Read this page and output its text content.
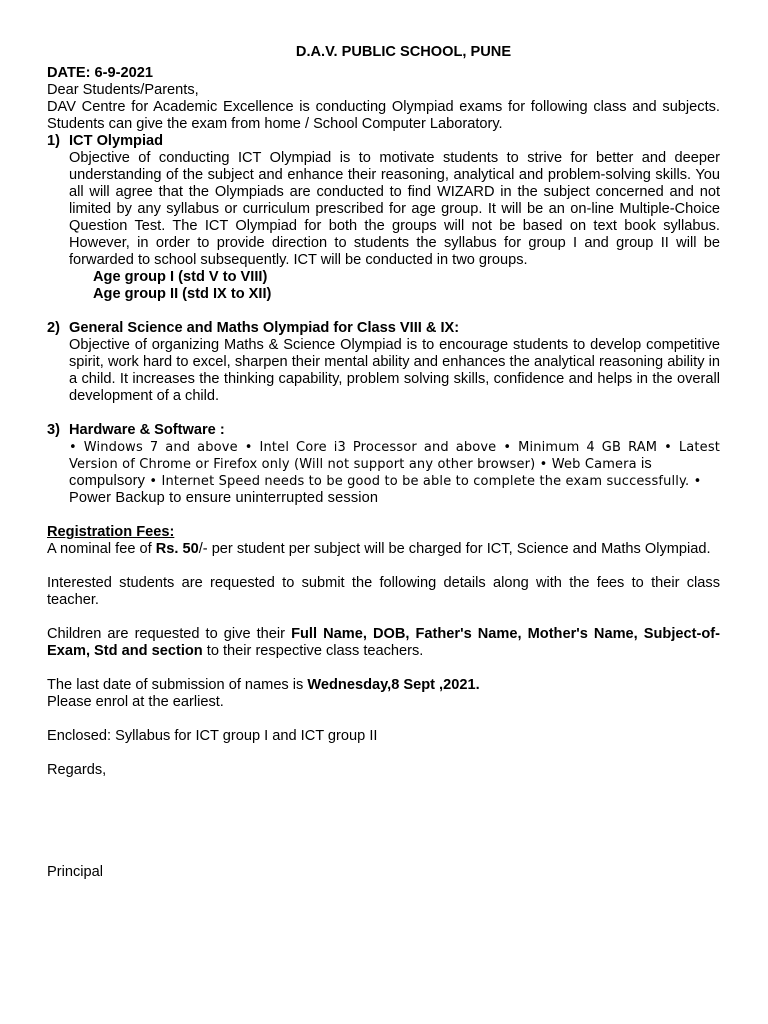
D.A.V. PUBLIC SCHOOL, PUNE
DATE: 6-9-2021

Dear Students/Parents,

DAV Centre for Academic Excellence is conducting Olympiad exams for following class and subjects. Students can give the exam from home / School Computer Laboratory.

1) ICT Olympiad

Objective of conducting ICT Olympiad is to motivate students to strive for better and deeper understanding of the subject and enhance their reasoning, analytical and problem-solving skills. You all will agree that the Olympiads are conducted to find WIZARD in the subject concerned and not limited by any syllabus or curriculum prescribed for age group. It will be an on-line Multiple-Choice Question Test. The ICT Olympiad for both the groups will not be based on text book syllabus. However, in order to provide direction to students the syllabus for group I and group II will be forwarded to school subsequently. ICT will be conducted in two groups.

Age group I (std V to VIII)
Age group II (std IX to XII)
2) General Science and Maths Olympiad for Class VIII & IX:

Objective of organizing Maths & Science Olympiad is to encourage students to develop competitive spirit, work hard to excel, sharpen their mental ability and enhances the analytical reasoning ability in a child. It increases the thinking capability, problem solving skills, confidence and helps in the overall development of a child.

3) Hardware & Software :

• Windows 7 and above • Intel Core i3 Processor and above • Minimum 4 GB RAM • Latest Version of Chrome or Firefox only (Will not support any other browser) • Web Camera is
compulsory • Internet Speed needs to be good to be able to complete the exam successfully. •
Power Backup to ensure uninterrupted session

Registration Fees:

A nominal fee of Rs. 50/- per student per subject will be charged for ICT, Science and Maths Olympiad.

Interested students are requested to submit the following details along with the fees to their class teacher.

Children are requested to give their Full Name, DOB, Father's Name, Mother's Name, Subject-of-Exam, Std and section to their respective class teachers.

The last date of submission of names is Wednesday,8 Sept ,2021.

Please enrol at the earliest.

Enclosed: Syllabus for ICT group I and ICT group II

Regards,

Principal
